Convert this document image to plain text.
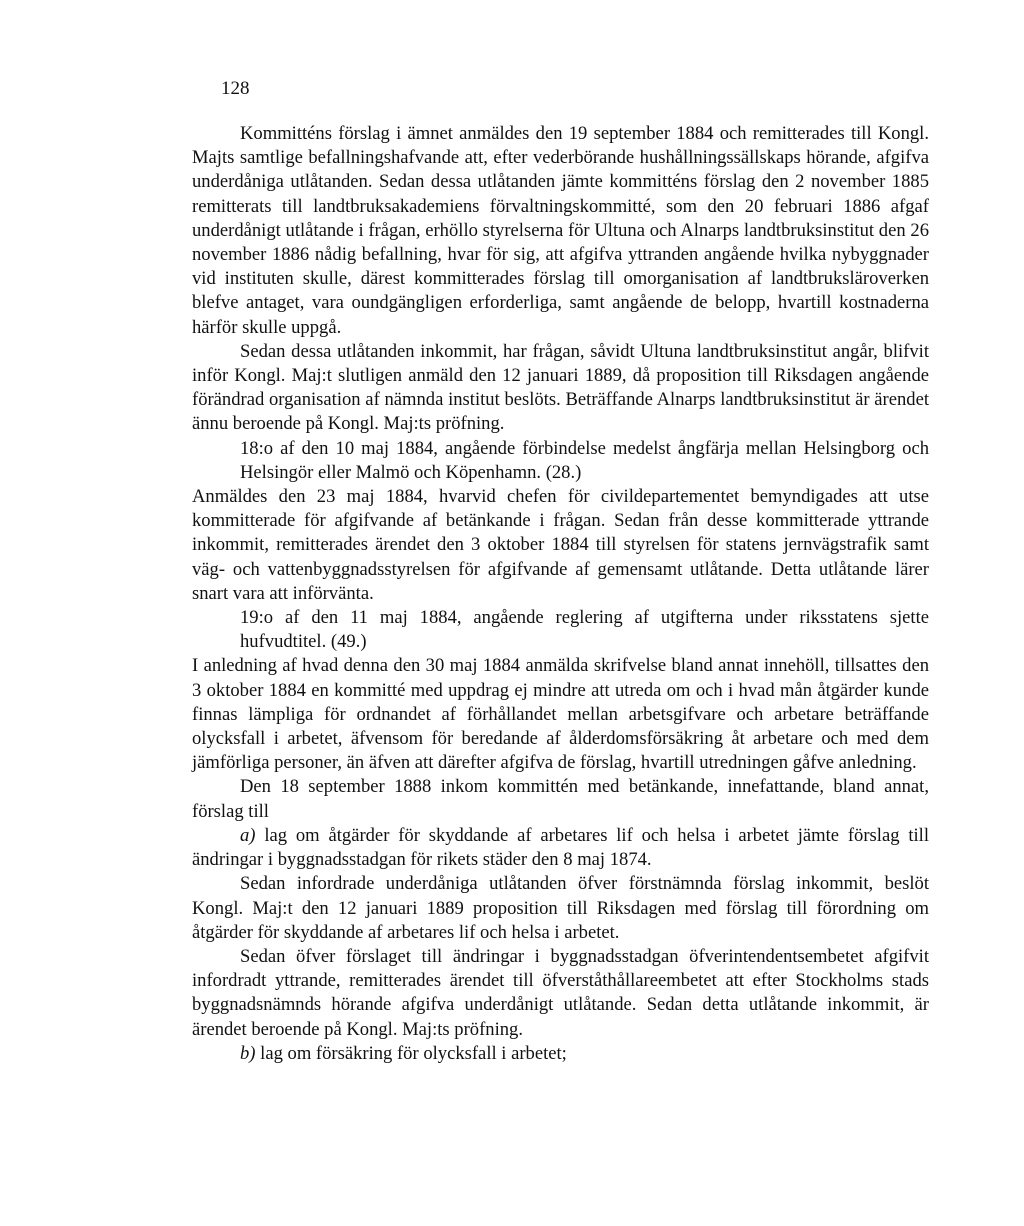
128

Kommitténs förslag i ämnet anmäldes den 19 september 1884 och remitterades till Kongl. Majts samtlige befallningshafvande att, efter vederbörande hushållningssällskaps hörande, afgifva underdåniga utlåtanden. Sedan dessa utlåtanden jämte kommitténs förslag den 2 november 1885 remitterats till landtbruksakademiens förvaltningskommitté, som den 20 februari 1886 afgaf underdånigt utlåtande i frågan, erhöllo styrelserna för Ultuna och Alnarps landtbruksinstitut den 26 november 1886 nådig befallning, hvar för sig, att afgifva yttranden angående hvilka nybyggnader vid instituten skulle, därest kommitterades förslag till omorganisation af landtbruksläroverken blefve antaget, vara oundgängligen erforderliga, samt angående de belopp, hvartill kostnaderna härför skulle uppgå.

Sedan dessa utlåtanden inkommit, har frågan, såvidt Ultuna landtbruksinstitut angår, blifvit inför Kongl. Maj:t slutligen anmäld den 12 januari 1889, då proposition till Riksdagen angående förändrad organisation af nämnda institut beslöts. Beträffande Alnarps landtbruksinstitut är ärendet ännu beroende på Kongl. Maj:ts pröfning.

18:o af den 10 maj 1884, angående förbindelse medelst ångfärja mellan Helsingborg och Helsingör eller Malmö och Köpenhamn. (28.)

Anmäldes den 23 maj 1884, hvarvid chefen för civildepartementet bemyndigades att utse kommitterade för afgifvande af betänkande i frågan. Sedan från desse kommitterade yttrande inkommit, remitterades ärendet den 3 oktober 1884 till styrelsen för statens jernvägstrafik samt väg- och vattenbyggnadsstyrelsen för afgifvande af gemensamt utlåtande. Detta utlåtande lärer snart vara att införvänta.

19:o af den 11 maj 1884, angående reglering af utgifterna under riksstatens sjette hufvudtitel. (49.)

I anledning af hvad denna den 30 maj 1884 anmälda skrifvelse bland annat innehöll, tillsattes den 3 oktober 1884 en kommitté med uppdrag ej mindre att utreda om och i hvad mån åtgärder kunde finnas lämpliga för ordnandet af förhållandet mellan arbetsgifvare och arbetare beträffande olycksfall i arbetet, äfvensom för beredande af ålderdomsförsäkring åt arbetare och med dem jämförliga personer, än äfven att därefter afgifva de förslag, hvartill utredningen gåfve anledning.

Den 18 september 1888 inkom kommittén med betänkande, innefattande, bland annat, förslag till

a) lag om åtgärder för skyddande af arbetares lif och helsa i arbetet jämte förslag till ändringar i byggnadsstadgan för rikets städer den 8 maj 1874.

Sedan infordrade underdåniga utlåtanden öfver förstnämnda förslag inkommit, beslöt Kongl. Maj:t den 12 januari 1889 proposition till Riksdagen med förslag till förordning om åtgärder för skyddande af arbetares lif och helsa i arbetet.

Sedan öfver förslaget till ändringar i byggnadsstadgan öfverintendentsembetet afgifvit infordradt yttrande, remitterades ärendet till öfverståthållareembetet att efter Stockholms stads byggnadsnämnds hörande afgifva underdånigt utlåtande. Sedan detta utlåtande inkommit, är ärendet beroende på Kongl. Maj:ts pröfning.

b) lag om försäkring för olycksfall i arbetet;
